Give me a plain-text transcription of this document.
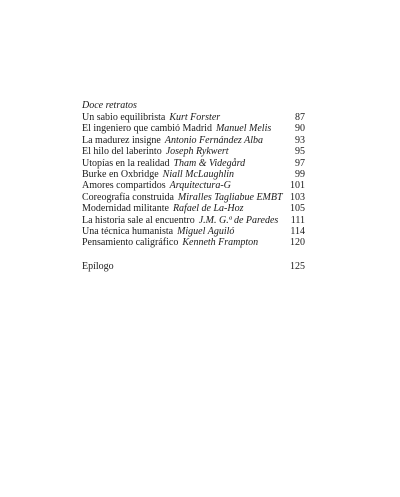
Doce retratos
Un sabio equilibrista Kurt Forster	87
El ingeniero que cambió Madrid Manuel Melis 90
La madurez insigne Antonio Fernández Alba	93
El hilo del laberinto Joseph Rykwert	95
Utopías en la realidad Tham & Videgård	97
Burke en Oxbridge Niall McLaughlin	99
Amores compartidos Arquitectura-G	101
Coreografía construida Miralles Tagliabue EMBT 103
Modernidad militante Rafael de La-Hoz	105
La historia sale al encuentro J.M. G.ª de Paredes 111
Una técnica humanista Miguel Aguiló	114
Pensamiento caligráfico Kenneth Frampton	120
Epílogo	125
